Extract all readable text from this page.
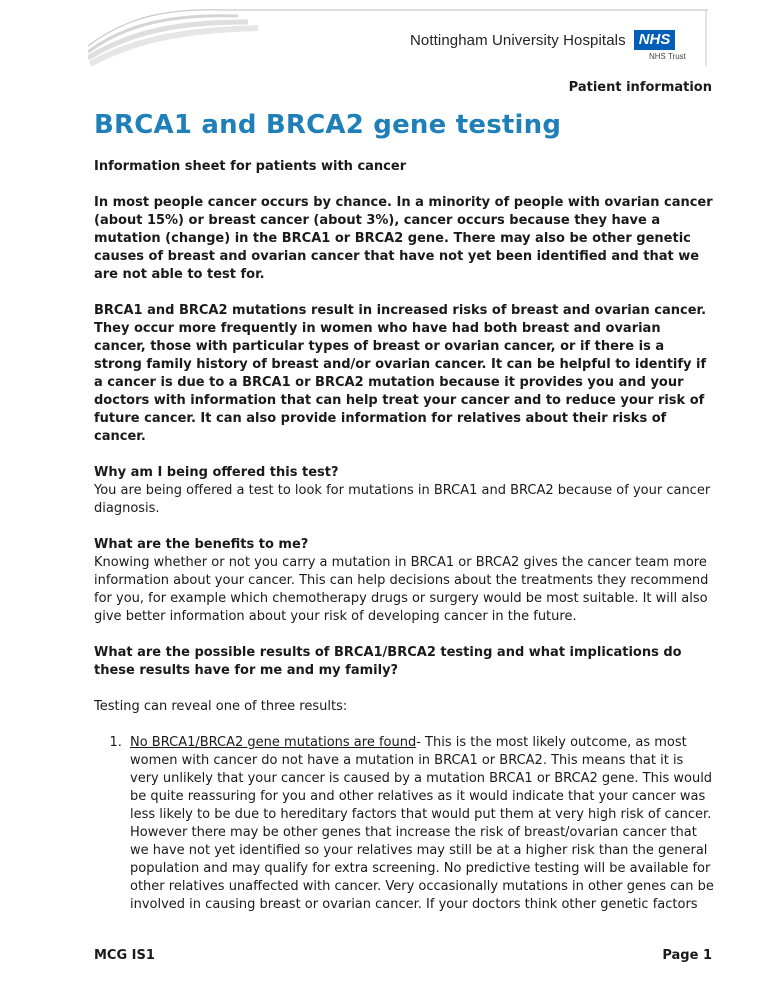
Nottingham University Hospitals NHS
NHS Trust
Patient information
BRCA1 and BRCA2 gene testing

Information sheet for patients with cancer

In most people cancer occurs by chance. In a minority of people with ovarian cancer (about 15%) or breast cancer (about 3%), cancer occurs because they have a mutation (change) in the BRCA1 or BRCA2 gene. There may also be other genetic causes of breast and ovarian cancer that have not yet been identified and that we are not able to test for.

BRCA1 and BRCA2 mutations result in increased risks of breast and ovarian cancer. They occur more frequently in women who have had both breast and ovarian cancer, those with particular types of breast or ovarian cancer, or if there is a strong family history of breast and/or ovarian cancer. It can be helpful to identify if a cancer is due to a BRCA1 or BRCA2 mutation because it provides you and your doctors with information that can help treat your cancer and to reduce your risk of future cancer. It can also provide information for relatives about their risks of cancer.

Why am I being offered this test?

You are being offered a test to look for mutations in BRCA1 and BRCA2 because of your cancer diagnosis.

What are the benefits to me?

Knowing whether or not you carry a mutation in BRCA1 or BRCA2 gives the cancer team more information about your cancer. This can help decisions about the treatments they recommend for you, for example which chemotherapy drugs or surgery would be most suitable. It will also give better information about your risk of developing cancer in the future.

What are the possible results of BRCA1/BRCA2 testing and what implications do these results have for me and my family?

Testing can reveal one of three results:

1. No BRCA1/BRCA2 gene mutations are found- This is the most likely outcome, as most women with cancer do not have a mutation in BRCA1 or BRCA2. This means that it is very unlikely that your cancer is caused by a mutation BRCA1 or BRCA2 gene. This would be quite reassuring for you and other relatives as it would indicate that your cancer was less likely to be due to hereditary factors that would put them at very high risk of cancer. However there may be other genes that increase the risk of breast/ovarian cancer that we have not yet identified so your relatives may still be at a higher risk than the general population and may qualify for extra screening. No predictive testing will be available for other relatives unaffected with cancer. Very occasionally mutations in other genes can be involved in causing breast or ovarian cancer. If your doctors think other genetic factors
MCG IS1	Page 1
